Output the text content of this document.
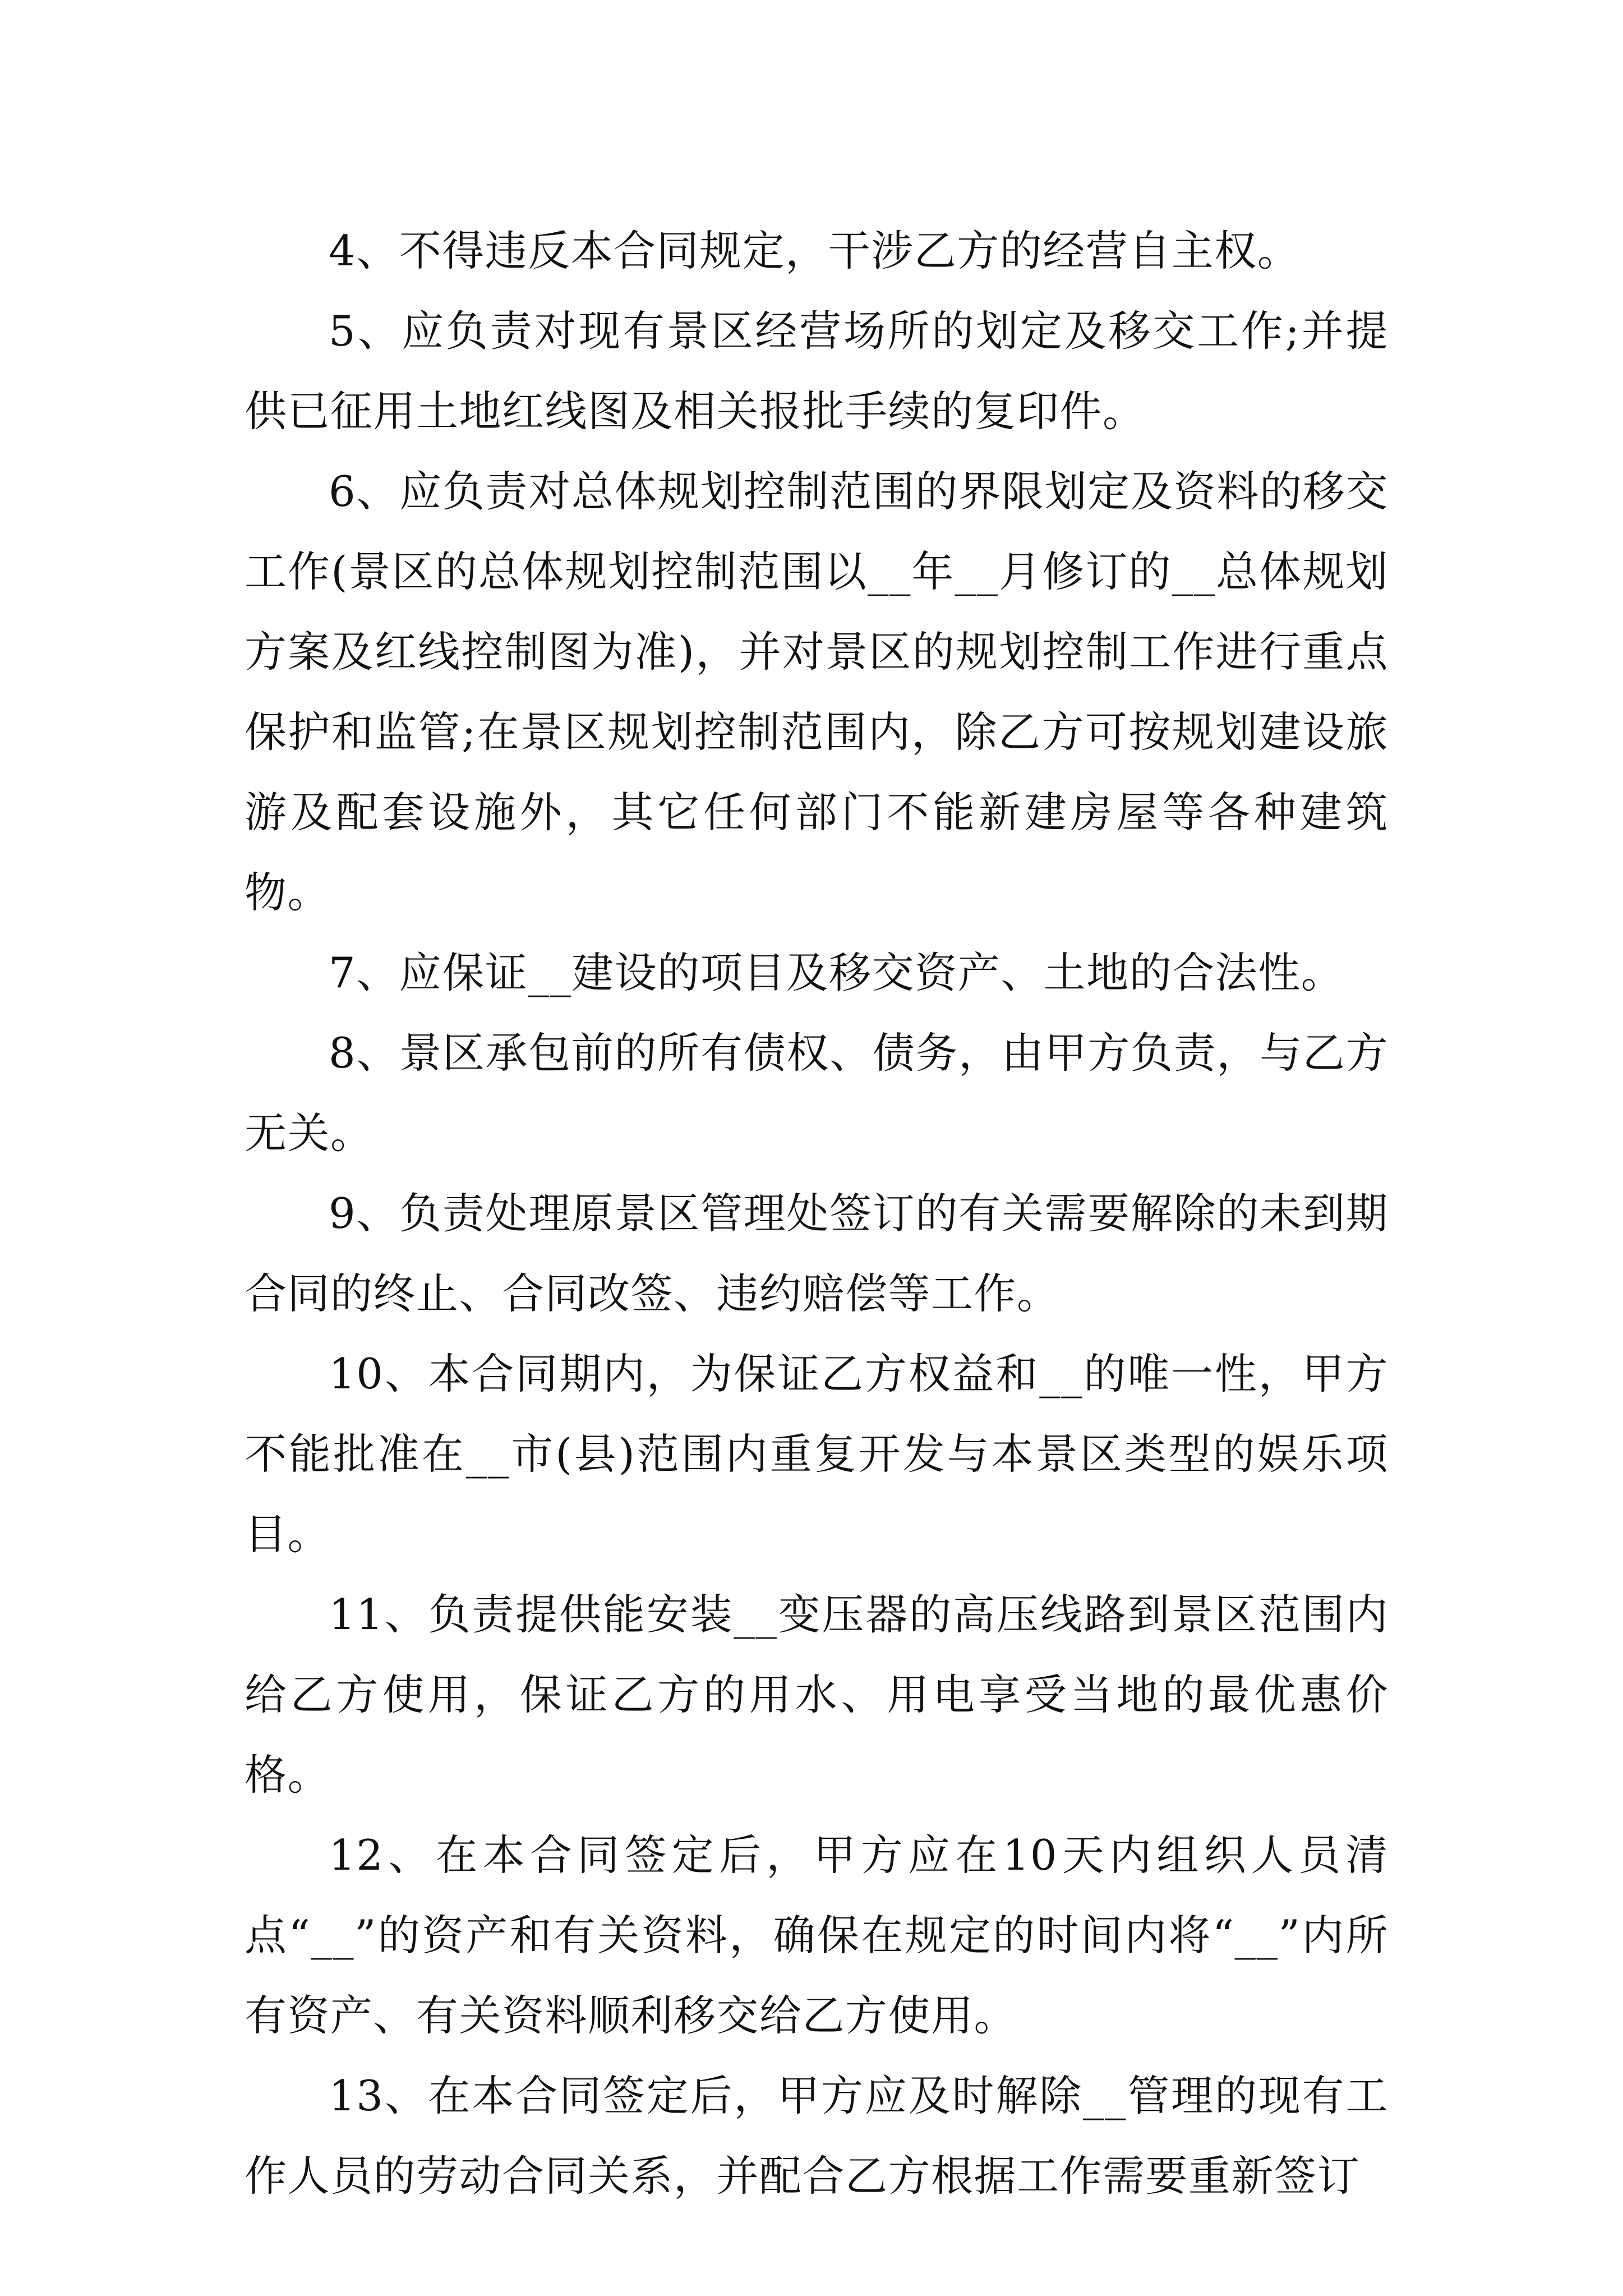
4、不得违反本合同规定，干涉乙方的经营自主权。

5、应负责对现有景区经营场所的划定及移交工作;并提供已征用土地红线图及相关报批手续的复印件。

6、应负责对总体规划控制范围的界限划定及资料的移交工作(景区的总体规划控制范围以__年__月修订的__总体规划方案及红线控制图为准)，并对景区的规划控制工作进行重点保护和监管;在景区规划控制范围内，除乙方可按规划建设旅游及配套设施外，其它任何部门不能新建房屋等各种建筑物。

7、应保证__建设的项目及移交资产、土地的合法性。

8、景区承包前的所有债权、债务，由甲方负责，与乙方无关。

9、负责处理原景区管理处签订的有关需要解除的未到期合同的终止、合同改签、违约赔偿等工作。

10、本合同期内，为保证乙方权益和__的唯一性，甲方不能批准在__市(县)范围内重复开发与本景区类型的娱乐项目。

11、负责提供能安装__变压器的高压线路到景区范围内给乙方使用，保证乙方的用水、用电享受当地的最优惠价格。

12、在本合同签定后，甲方应在10天内组织人员清点“__”的资产和有关资料，确保在规定的时间内将“__”内所有资产、有关资料顺利移交给乙方使用。

13、在本合同签定后，甲方应及时解除__管理的现有工作人员的劳动合同关系，并配合乙方根据工作需要重新签订
